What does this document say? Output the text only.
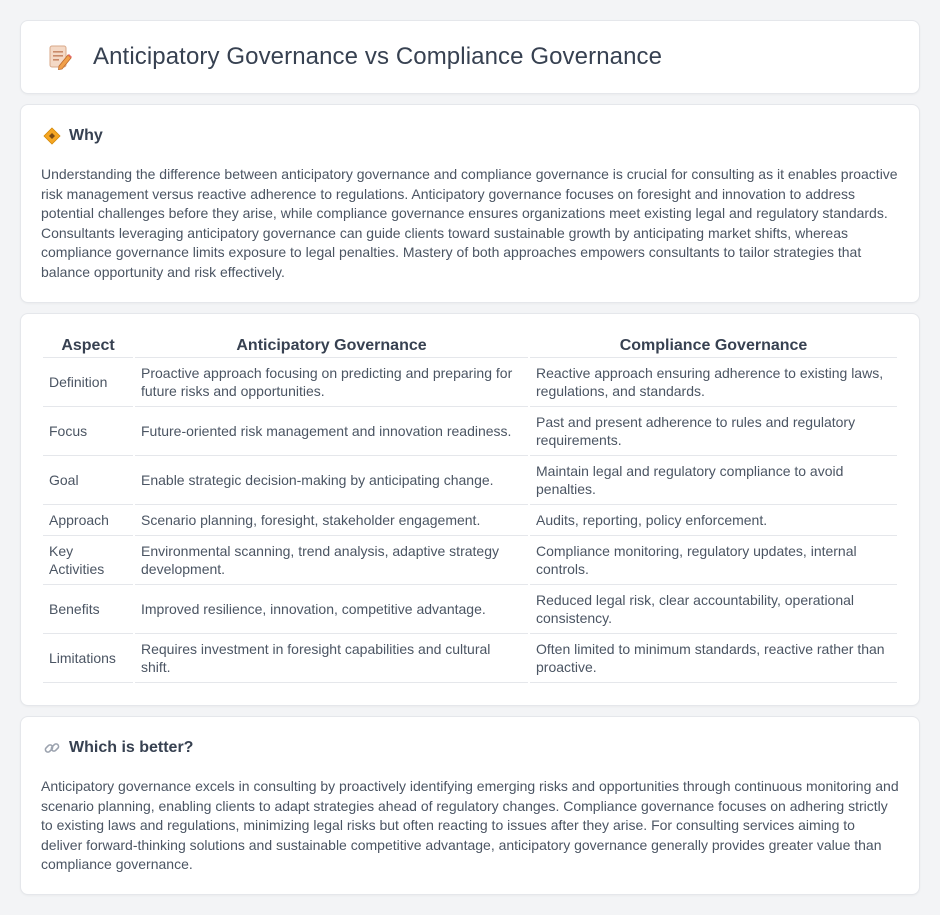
Anticipatory Governance vs Compliance Governance
Why

Understanding the difference between anticipatory governance and compliance governance is crucial for consulting as it enables proactive risk management versus reactive adherence to regulations. Anticipatory governance focuses on foresight and innovation to address potential challenges before they arise, while compliance governance ensures organizations meet existing legal and regulatory standards. Consultants leveraging anticipatory governance can guide clients toward sustainable growth by anticipating market shifts, whereas compliance governance limits exposure to legal penalties. Mastery of both approaches empowers consultants to tailor strategies that balance opportunity and risk effectively.

Aspect	Anticipatory Governance	Compliance Governance
Definition	Proactive approach focusing on predicting and preparing for future risks and opportunities.	Reactive approach ensuring adherence to existing laws, regulations, and standards.
Focus	Future-oriented risk management and innovation readiness.	Past and present adherence to rules and regulatory requirements.
Goal	Enable strategic decision-making by anticipating change.	Maintain legal and regulatory compliance to avoid penalties.
Approach	Scenario planning, foresight, stakeholder engagement.	Audits, reporting, policy enforcement.
Key Activities	Environmental scanning, trend analysis, adaptive strategy development.	Compliance monitoring, regulatory updates, internal controls.
Benefits	Improved resilience, innovation, competitive advantage.	Reduced legal risk, clear accountability, operational consistency.
Limitations	Requires investment in foresight capabilities and cultural shift.	Often limited to minimum standards, reactive rather than proactive.
Which is better?

Anticipatory governance excels in consulting by proactively identifying emerging risks and opportunities through continuous monitoring and scenario planning, enabling clients to adapt strategies ahead of regulatory changes. Compliance governance focuses on adhering strictly to existing laws and regulations, minimizing legal risks but often reacting to issues after they arise. For consulting services aiming to deliver forward-thinking solutions and sustainable competitive advantage, anticipatory governance generally provides greater value than compliance governance.
